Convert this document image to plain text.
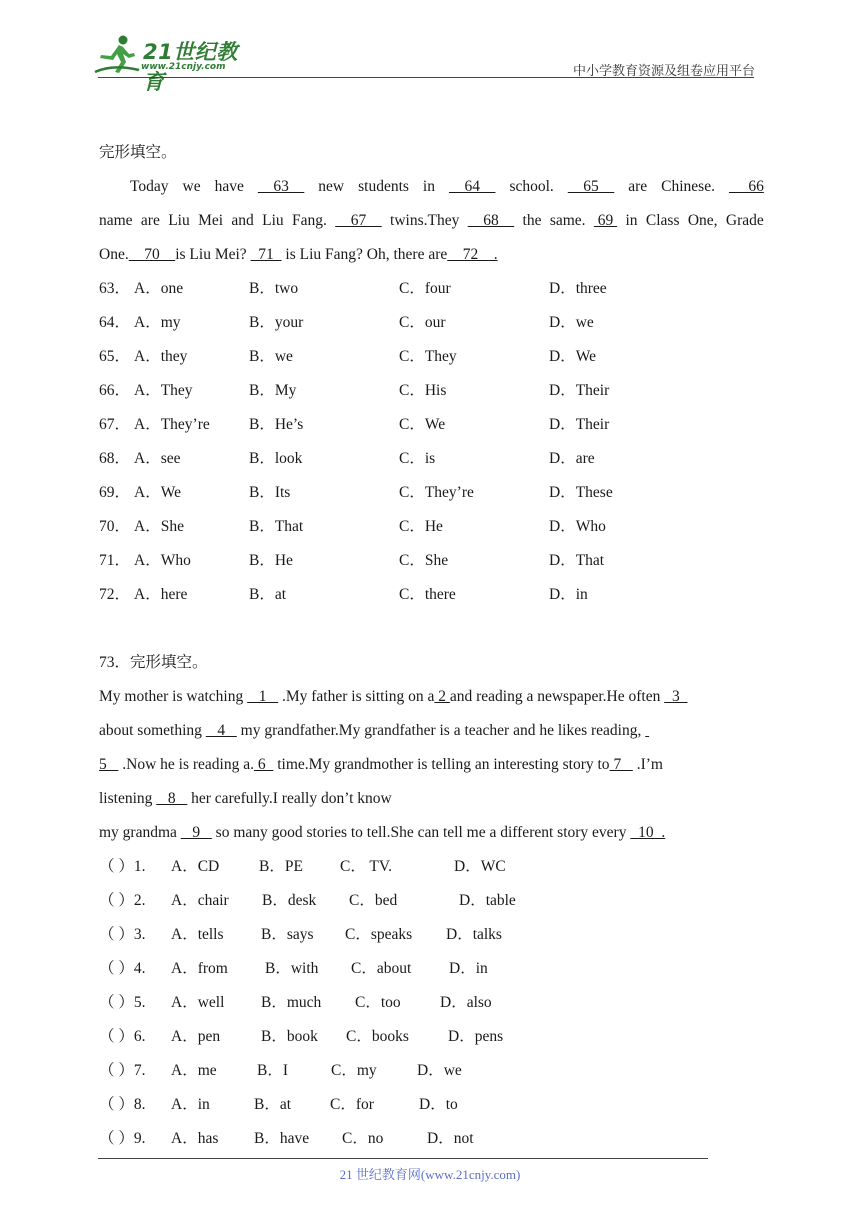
21世纪教育
www.21cnjy.com	中小学教育资源及组卷应用平台
完形填空。
Today we have 63 new students in 64 school. 65 are Chinese. 66
name are Liu Mei and Liu Fang. 67 twins.They 68 the same. 69 in Class One, Grade
One.    70    is Liu Mei?   71   is Liu Fang? Oh, there are    72    .
63． A．one	B．two	C．four	D．three
64． A．my	B．your	C．our	D．we
65． A．they	B．we	C．They	D．We
66． A．They	B．My	C．His	D．Their
67． A．They’re	B．He’s	C．We	D．Their
68． A．see	B．look	C．is	D．are
69． A．We	B．Its	C．They’re	D．These
70． A．She	B．That	C．He	D．Who
71． A．Who	B．He	C．She	D．That
72． A．here	B．at	C．there	D．in
73．完形填空。
My mother is watching    1    .My father is sitting on a 2 and reading a newspaper.He often   3
about something    4    my grandfather.My grandfather is a teacher and he likes reading,
5    .Now he is reading a. 6   time.My grandmother is telling an interesting story to 7    .I’m
listening    8    her carefully.I really don’t know
my grandma    9    so many good stories to tell.She can tell me a different story every   10  .
（ ）1. A．CD	B．PE C． TV.	D．WC
（ ）2. A．chair B．desk C．bed	D．table
（ ）3. A．tells B．says C．speaks D．talks
（ ）4. A．from B．with C．about D．in
（ ）5. A．well B．much C．too	D．also
（ ）6. A．pen	B．book C．books	D．pens
（ ）7. A．me	B．I	C．my	D．we
（ ）8. A．in	B．at	C．for	D．to
（ ）9. A．has B．have C．no	D．not
21 世纪教育网(www.21cnjy.com)
